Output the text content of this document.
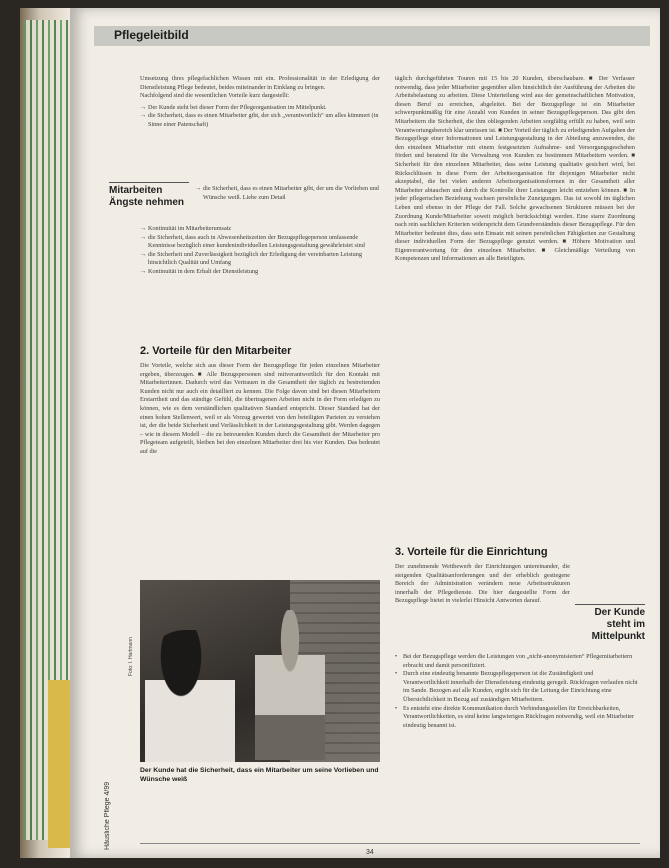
Pflegeleitbild

Umsetzung ihres pflegefachlichen Wissen mit ein. Professionalität in der Erledigung der Dienstleistung Pflege bedeutet, beides miteinander in Einklang zu bringen.

Nachfolgend sind die wesentlichen Vorteile kurz dargestellt:

→ Der Kunde steht bei dieser Form der Pflegeorganisation im Mittelpunkt.
→ die Sicherheit, dass es einen Mitarbeiter gibt, der sich „verantwortlich“ um alles kümmert (in Sinne einer Patenschaft)
Mitarbeiten Ängste nehmen
→ die Sicherheit, dass es einen Mitarbeiter gibt, der um die Vorlieben und Wünsche weiß. Liebe zum Detail
→ Kontinuität im Mitarbeiterumsatz
→ die Sicherheit, dass auch in Abwesenheitszeiten der Bezugspflegeperson umfassende Kenntnisse bezüglich einer kundenindividuellen Leistungsgestaltung gewährleistet sind
→ die Sicherheit und Zuverlässigkeit bezüglich der Erledigung der vereinbarten Leistung hinsichtlich Qualität und Umfang
→ Kontinuität in dem Erhalt der Dienstleistung
2. Vorteile für den Mitarbeiter

Die Vorteile, welche sich aus dieser Form der Bezugspflege für jeden einzelnen Mitarbeiter ergeben, überzeugen. ■ Alle Bezugspersonen sind mitverantwortlich für den Kontakt mit Mitarbeiterinnen. Dadurch wird das Vertrauen in die Gesamtheit der täglich zu bestreitenden Kunden nicht nur auch ein detailliert zu kennen. Die Folge davon sind bei diesen Mitarbeitern Erstarrtheit und das ständige Gefühl, die übertragenen Arbeiten nicht in der Form erledigen zu können, wie es dem verständlichen qualitativen Standard entspricht. Dieser Standard hat der einen hohen Stellenwert, weil er als Vorzug gewertet von den beteiligten Parteien zu verstehen ist, der die beide Sicherheit und Verlässlichkeit in der Leistungsgestaltung gibt. Werden dagegen – wie in diesem Modell – die zu betreuenden Kunden durch die Gesamtheit der Mitarbeiter pro Pflegeteam aufgeteilt, bleiben bei den einzelnen Mitarbeiter drei bis vier Kunden. Das bedeutet auf die

Foto: I. Hartmann
Der Kunde hat die Sicherheit, dass ein Mitarbeiter um seine Vorlieben und Wünsche weiß
Häusliche Pflege 4/99

täglich durchgeführten Touren mit 15 bis 20 Kunden, überschaubare. ■ Der Verfasser notwendig, dass jeder Mitarbeiter gegenüber allen hinsichtlich der Ausführung der Arbeiten die Arbeitsbelastung zu arbeiten. Diese Unterteilung wird aus der gemeinschaftlichen Motivation, diesen Beruf zu erreichen, abgeleitet. Bei der Bezugspflege ist ein Mitarbeiter schwerpunktmäßig für eine Anzahl von Kunden in seiner Bezugspflegeperson. Das gibt den Mitarbeitern die Sicherheit, die ihm obliegenden Arbeiten sorgfältig erfüllt zu haben, weil sein Verantwortungsbereich klar umrissen ist. ■ Der Vorteil der täglich zu erledigenden Aufgaben der Bezugspflege einer Informationen und Leistungsgestaltung in der Abteilung anzuwenden, die den einzelnen Mitarbeiter mit einem festgesetzten Aufnahme- und Versorgungsgeschehen fördert und beratend für die Verwaltung von Kunden zu bestimmen Mitarbeitern werden. ■ Sicherheit für den einzelnen Mitarbeiter, dass seine Leistung qualitativ gesichert wird, bei Rückschlüssen in diese Form der Arbeitsorganisation für diejenigen Mitarbeiter nicht akzeptabel, die bei vielen anderen Arbeitsorganisationsformen in der Gesamtheit aller Mitarbeiter abtauchen und durch die Kontrolle ihrer Leistungen leicht entziehen können. ■ In jeder pflegerischen Beziehung wachsen persönliche Zuneigungen. Das ist sowohl im täglichen Leben und ebenso in der Pflege der Fall. Solche gewachsenen Strukturen müssen bei der Zuordnung Kunde/Mitarbeiter soweit möglich berücksichtigt werden. Eine starre Zuordnung nach rein sachlichen Kriterien widerspricht dem Grundverständnis dieser Bezugspflege. Für den Mitarbeiter bedeutet dies, dass sein Einsatz mit seinen persönlichen Fähigkeiten zur Gestaltung dieser individuellen Form der Bezugspflege genutzt werden. ■ Höhere Motivation und Eigenverantwortung für den einzelnen Mitarbeiter. ■ Gleichmäßige Verteilung von Kompetenzen und Informationen an alle Beteiligten.

3. Vorteile für die Einrichtung

Der zunehmende Wettbewerb der Einrichtungen untereinander, die steigenden Qualitätsanforderungen und der erheblich gestiegene Bereich der Administration verändern neue Arbeitsstrukturen innerhalb der Pflegedienste. Die hier dargestellte Form der Bezugspflege bietet in vielerlei Hinsicht Antworten darauf.

Der Kunde steht im Mittelpunkt
• Bei der Bezugspflege werden die Leistungen von „nicht-anonymisierten“ Pflegemitarbeitern erbracht und damit personifiziert.
• Durch eine eindeutig benannte Bezugspflegeperson ist die Zuständigkeit und Verantwortlichkeit innerhalb der Dienstleistung eindeutig geregelt. Rückfragen verlaufen nicht im Sande. Bezogen auf alle Kunden, ergibt sich für die Leitung der Einrichtung eine Übersichtlichkeit in Bezug auf zuständigen Mitarbeitern.
• Es entsteht eine direkte Kommunikation durch Verbindungsstellen für Erreichbarkeiten, Verantwortlichkeiten, es sind keine langwierigen Rückfragen notwendig, weil ein Mitarbeiter eindeutig benannt ist.
34
